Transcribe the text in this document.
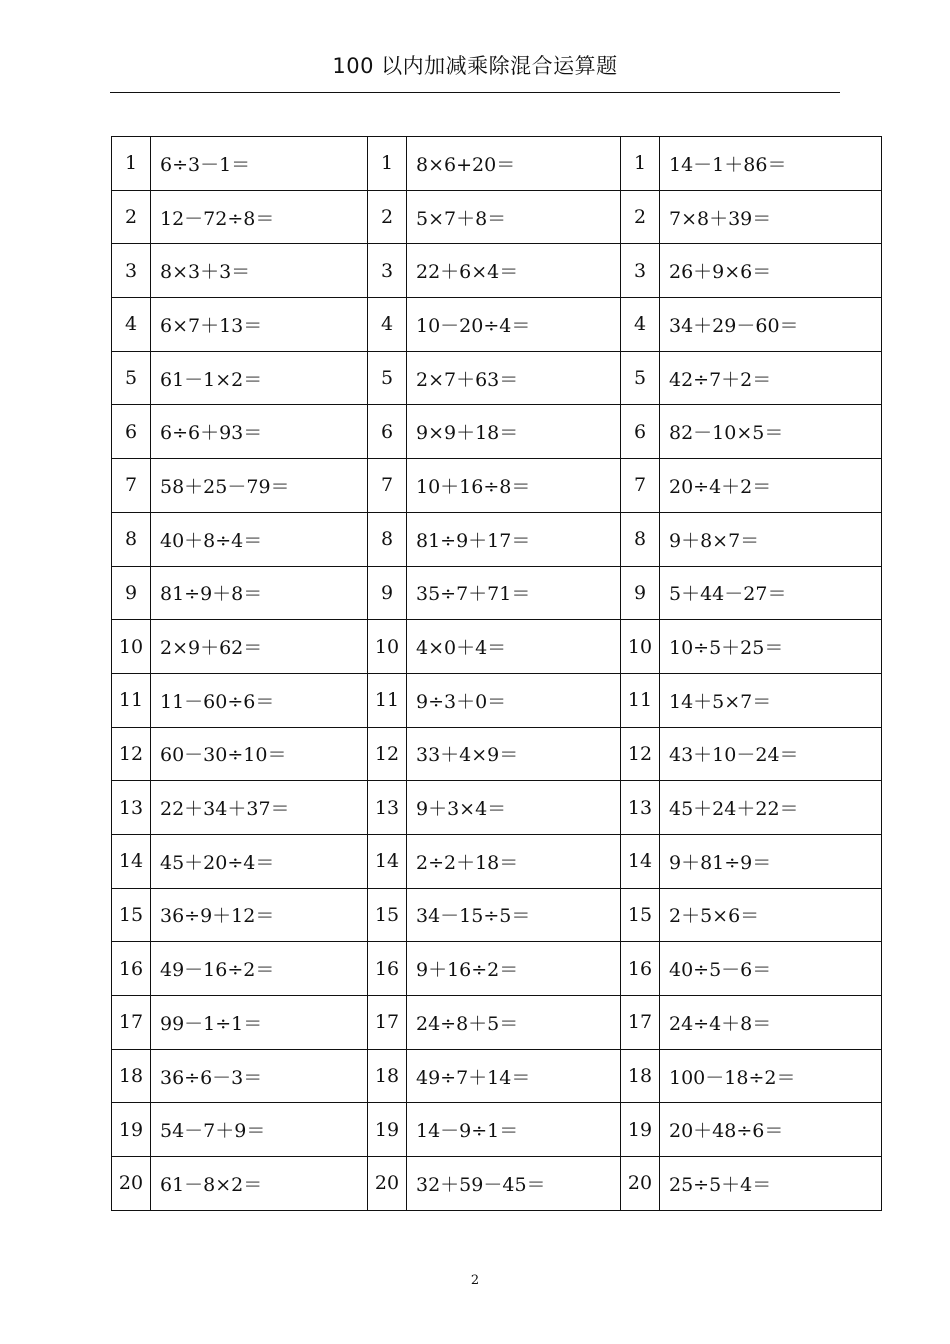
100 以内加减乘除混合运算题
1	6÷3－1＝	1	8×6+20＝	1	14－1＋86＝
2	12－72÷8＝	2	5×7＋8＝	2	7×8＋39＝
3	8×3＋3＝	3	22＋6×4＝	3	26＋9×6＝
4	6×7＋13＝	4	10－20÷4＝	4	34＋29－60＝
5	61－1×2＝	5	2×7＋63＝	5	42÷7＋2＝
6	6÷6＋93＝	6	9×9＋18＝	6	82－10×5＝
7	58＋25－79＝	7	10＋16÷8＝	7	20÷4＋2＝
8	40＋8÷4＝	8	81÷9＋17＝	8	9＋8×7＝
9	81÷9＋8＝	9	35÷7＋71＝	9	5＋44－27＝
10	2×9＋62＝	10	4×0＋4＝	10	10÷5＋25＝
11	11－60÷6＝	11	9÷3＋0＝	11	14＋5×7＝
12	60－30÷10＝	12	33＋4×9＝	12	43＋10－24＝
13	22＋34＋37＝	13	9＋3×4＝	13	45＋24＋22＝
14	45＋20÷4＝	14	2÷2＋18＝	14	9＋81÷9＝
15	36÷9＋12＝	15	34－15÷5＝	15	2＋5×6＝
16	49－16÷2＝	16	9＋16÷2＝	16	40÷5－6＝
17	99－1÷1＝	17	24÷8＋5＝	17	24÷4＋8＝
18	36÷6－3＝	18	49÷7＋14＝	18	100－18÷2＝
19	54－7＋9＝	19	14－9÷1＝	19	20＋48÷6＝
20	61－8×2＝	20	32＋59－45＝	20	25÷5＋4＝
2
